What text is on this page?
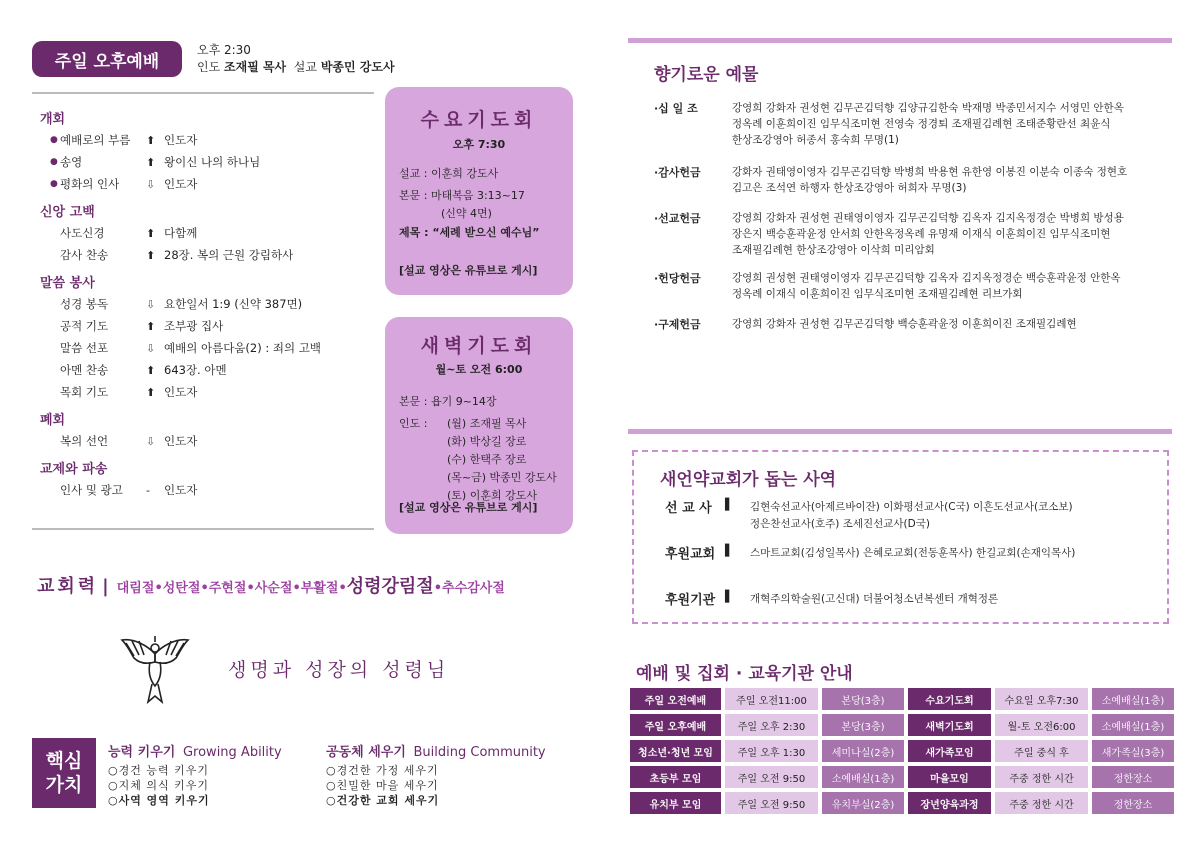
주일 오후예배
오후 2:30
인도 조재필 목사 설교 박종민 강도사
개회
● 예배로의 부름	⬆ 인도자
● 송영	⬆ 왕이신 나의 하나님
● 평화의 인사	⇩ 인도자
신앙 고백
사도신경	⬆ 다함께
감사 찬송	⬆ 28장. 복의 근원 강림하사
말씀 봉사
성경 봉독	⇩ 요한일서 1:9 (신약 387면)
공적 기도	⬆ 조부광 집사
말씀 선포	⇩ 예배의 아름다움(2) : 죄의 고백
아멘 찬송	⬆ 643장. 아멘
목회 기도	⬆ 인도자
폐회
복의 선언	⇩ 인도자
교제와 파송
인사 및 광고	-	인도자
수요기도회
오후 7:30
설교 : 이훈희 강도사
본문 : 마태복음 3:13~17
(신약 4면)
제목 : “세례 받으신 예수님”
[설교 영상은 유튜브로 게시]
새벽기도회
월~토 오전 6:00
본문 : 욥기 9~14장
인도 : (월) 조재필 목사
(화) 박상길 장로
(수) 한택주 장로
(목~금) 박종민 강도사
(토) 이훈희 강도사
[설교 영상은 유튜브로 게시]
교회력 | 대림절•성탄절•주현절•사순절•부활절•성령강림절•추수감사절
생명과 성장의 성령님
핵심
가치
능력 키우기 Growing Ability
○경건 능력 키우기
○지체 의식 키우기
○사역 영역 키우기
공동체 세우기 Building Community
○경건한 가정 세우기
○친밀한 마을 세우기
○건강한 교회 세우기
향기로운 예물
·십 일 조	강영희 강화자 권성현 김무곤김덕향 김양규김한숙 박재명 박종민서지수 서영민 안한옥
정옥례 이훈희이진 임무식조미현 전영숙 정경퇴 조재필김례현 조태준황란선 최윤식
한상조강영아 허종서 홍숙희 무명(1)
·감사헌금	강화자 권태영이영자 김무곤김덕향 박병희 박용현 유한영 이봉진 이분숙 이종숙 정현호
김고은 조석연 하행자 한상조강영아 허희자 무명(3)
·선교헌금	강영희 강화자 권성현 권태영이영자 김무곤김덕향 김옥자 김지옥정경순 박병희 방성용
장은지 백승훈곽윤정 안서희 안한옥정옥례 유명재 이재식 이훈희이진 임무식조미현
조재필김례현 한상조강영아 이삭희 미리암회
·헌당헌금	강영희 권성현 권태영이영자 김무곤김덕향 김옥자 김지옥정경순 백승훈곽윤정 안한옥
정옥례 이재식 이훈희이진 임무식조미현 조재필김례현 리브가회
·구제헌금	강영희 강화자 권성현 김무곤김덕향 백승훈곽윤정 이훈희이진 조재필김례현
새언약교회가 돕는 사역
선 교 사	▌ 김현숙선교사(아제르바이잔) 이화평선교사(C국) 이흔도선교사(코소보)
정은찬선교사(호주) 조세진선교사(D국)
후원교회 ▌ 스마트교회(김성일목사) 은혜로교회(전동훈목사) 한길교회(손재익목사)
후원기관 ▌ 개혁주의학술원(고신대) 더불어청소년복센터 개혁정론
예배 및 집회 · 교육기관 안내
주일 오전예배	주일 오전11:00	본당(3층)	수요기도회	수요일 오후7:30	소예배실(1층)
주일 오후예배	주일 오후 2:30	본당(3층)	새벽기도회	월-토 오전6:00	소예배실(1층)
청소년·청년 모임	주일 오후 1:30	세미나실(2층)	새가족모임	주일 중식 후	새가족실(3층)
초등부 모임	주일 오전 9:50	소예배실(1층)	마을모임	주중 정한 시간	정한장소
유치부 모임	주일 오전 9:50	유치부실(2층)	장년양육과정	주중 정한 시간	정한장소
